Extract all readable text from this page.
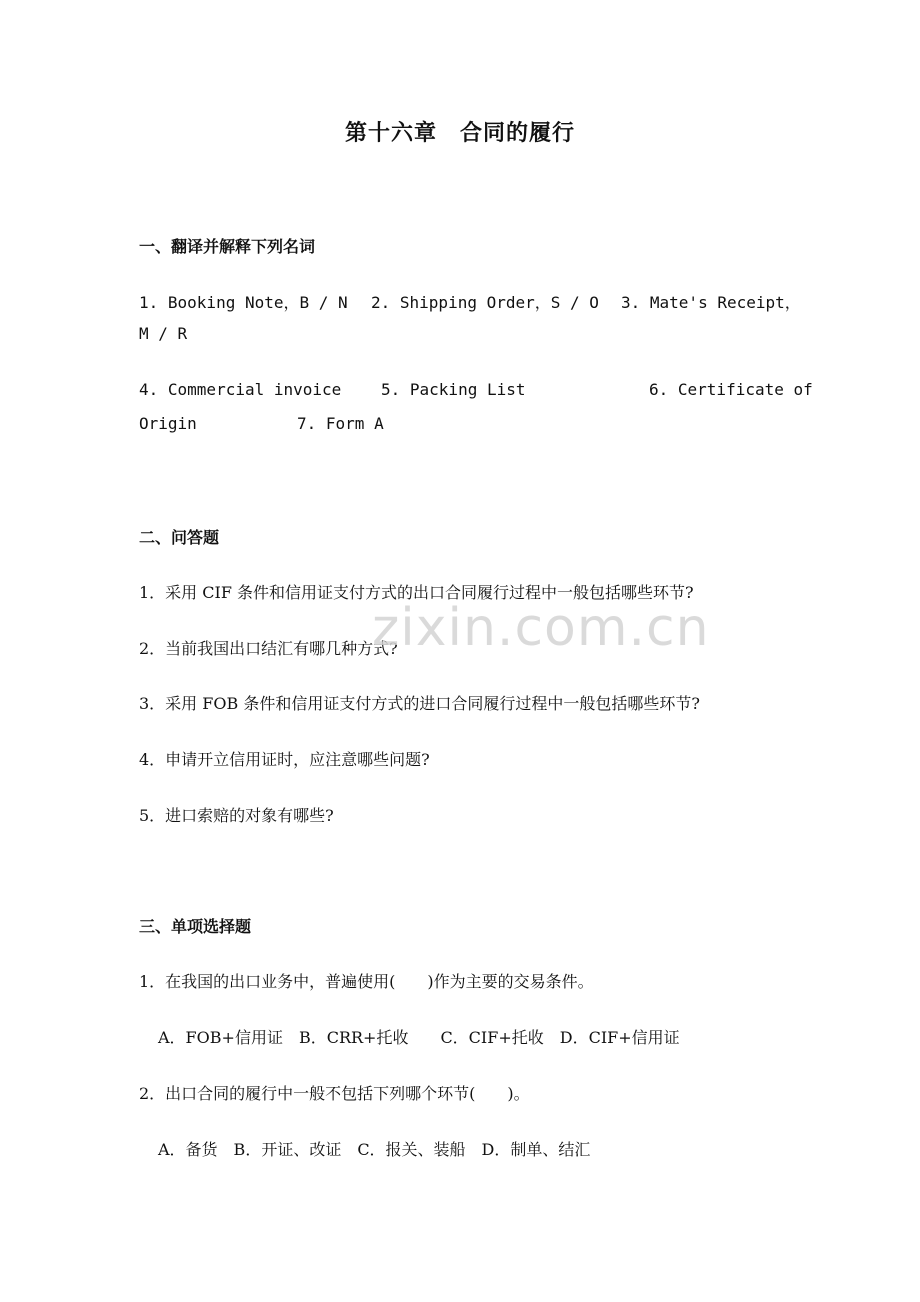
第十六章　合同的履行
一、翻译并解释下列名词
1. Booking Note，B / N 2. Shipping Order，S / O 3. Mate's Receipt，
M / R
4. Commercial invoice 5. Packing List	6. Certificate of
Origin	7. Form A
二、问答题
1．采用 CIF 条件和信用证支付方式的出口合同履行过程中一般包括哪些环节?
2．当前我国出口结汇有哪几种方式?
3．采用 FOB 条件和信用证支付方式的进口合同履行过程中一般包括哪些环节?
4．申请开立信用证时，应注意哪些问题?
5．进口索赔的对象有哪些?
三、单项选择题
1．在我国的出口业务中，普遍使用(　　)作为主要的交易条件。
A．FOB+信用证　B．CRR+托收　　C．CIF+托收　D．CIF+信用证
2．出口合同的履行中一般不包括下列哪个环节(　　)。
A．备货　B．开证、改证　C．报关、装船　D．制单、结汇
zixin.com.cn
